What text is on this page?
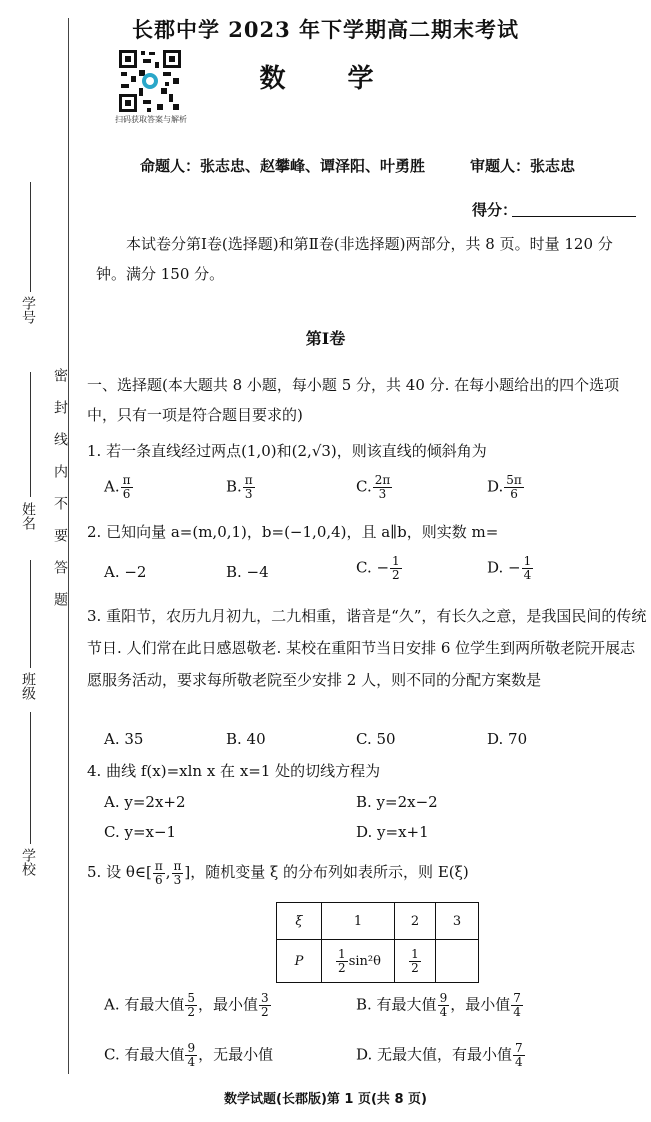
学号
姓名
班级
学校
密　封　线　内　不　要　答　题
长郡中学 2023 年下学期高二期末考试
数　学
扫码获取答案与解析
命题人：张志忠、赵攀峰、谭泽阳、叶勇胜	审题人：张志忠
得分：
本试卷分第Ⅰ卷(选择题)和第Ⅱ卷(非选择题)两部分，共 8 页。时量 120 分钟。满分 150 分。
第Ⅰ卷
一、选择题(本大题共 8 小题，每小题 5 分，共 40 分. 在每小题给出的四个选项中，只有一项是符合题目要求的)
1. 若一条直线经过两点(1,0)和(2,√3)，则该直线的倾斜角为
A. $\frac{\pi}{6}$	B. $\frac{\pi}{3}$	C. $\frac{2\pi}{3}$	D. $\frac{5\pi}{6}$
2. 已知向量 a=(m,0,1)，b=(−1,0,4)，且 a∥b，则实数 m=
A. −2	B. −4	C. − $\frac{1}{2}$	D. − $\frac{1}{4}$
3. 重阳节，农历九月初九，二九相重，谐音是“久”，有长久之意，是我国民间的传统节日. 人们常在此日感恩敬老. 某校在重阳节当日安排 6 位学生到两所敬老院开展志愿服务活动，要求每所敬老院至少安排 2 人，则不同的分配方案数是
A. 35	B. 40	C. 50	D. 70
4. 曲线 f(x)=xln x 在 x=1 处的切线方程为
A. y=2x+2	B. y=2x−2
C. y=x−1	D. y=x+1
5. 设 θ∈[ $\frac{\pi}{6}$ , $\frac{\pi}{3}$ ]，随机变量 ξ 的分布列如表所示，则 E(ξ)
ξ	1	2	3
P	$\frac{1}{2} \sin^2\theta$	$\frac{1}{2}$

A. 有最大值 $\frac{5}{2}$ ，最小值 $\frac{3}{2}$	B. 有最大值 $\frac{9}{4}$ ，最小值 $\frac{7}{4}$
C. 有最大值 $\frac{9}{4}$ ，无最小值	D. 无最大值，有最小值 $\frac{7}{4}$
数学试题(长郡版)第 1 页(共 8 页)
